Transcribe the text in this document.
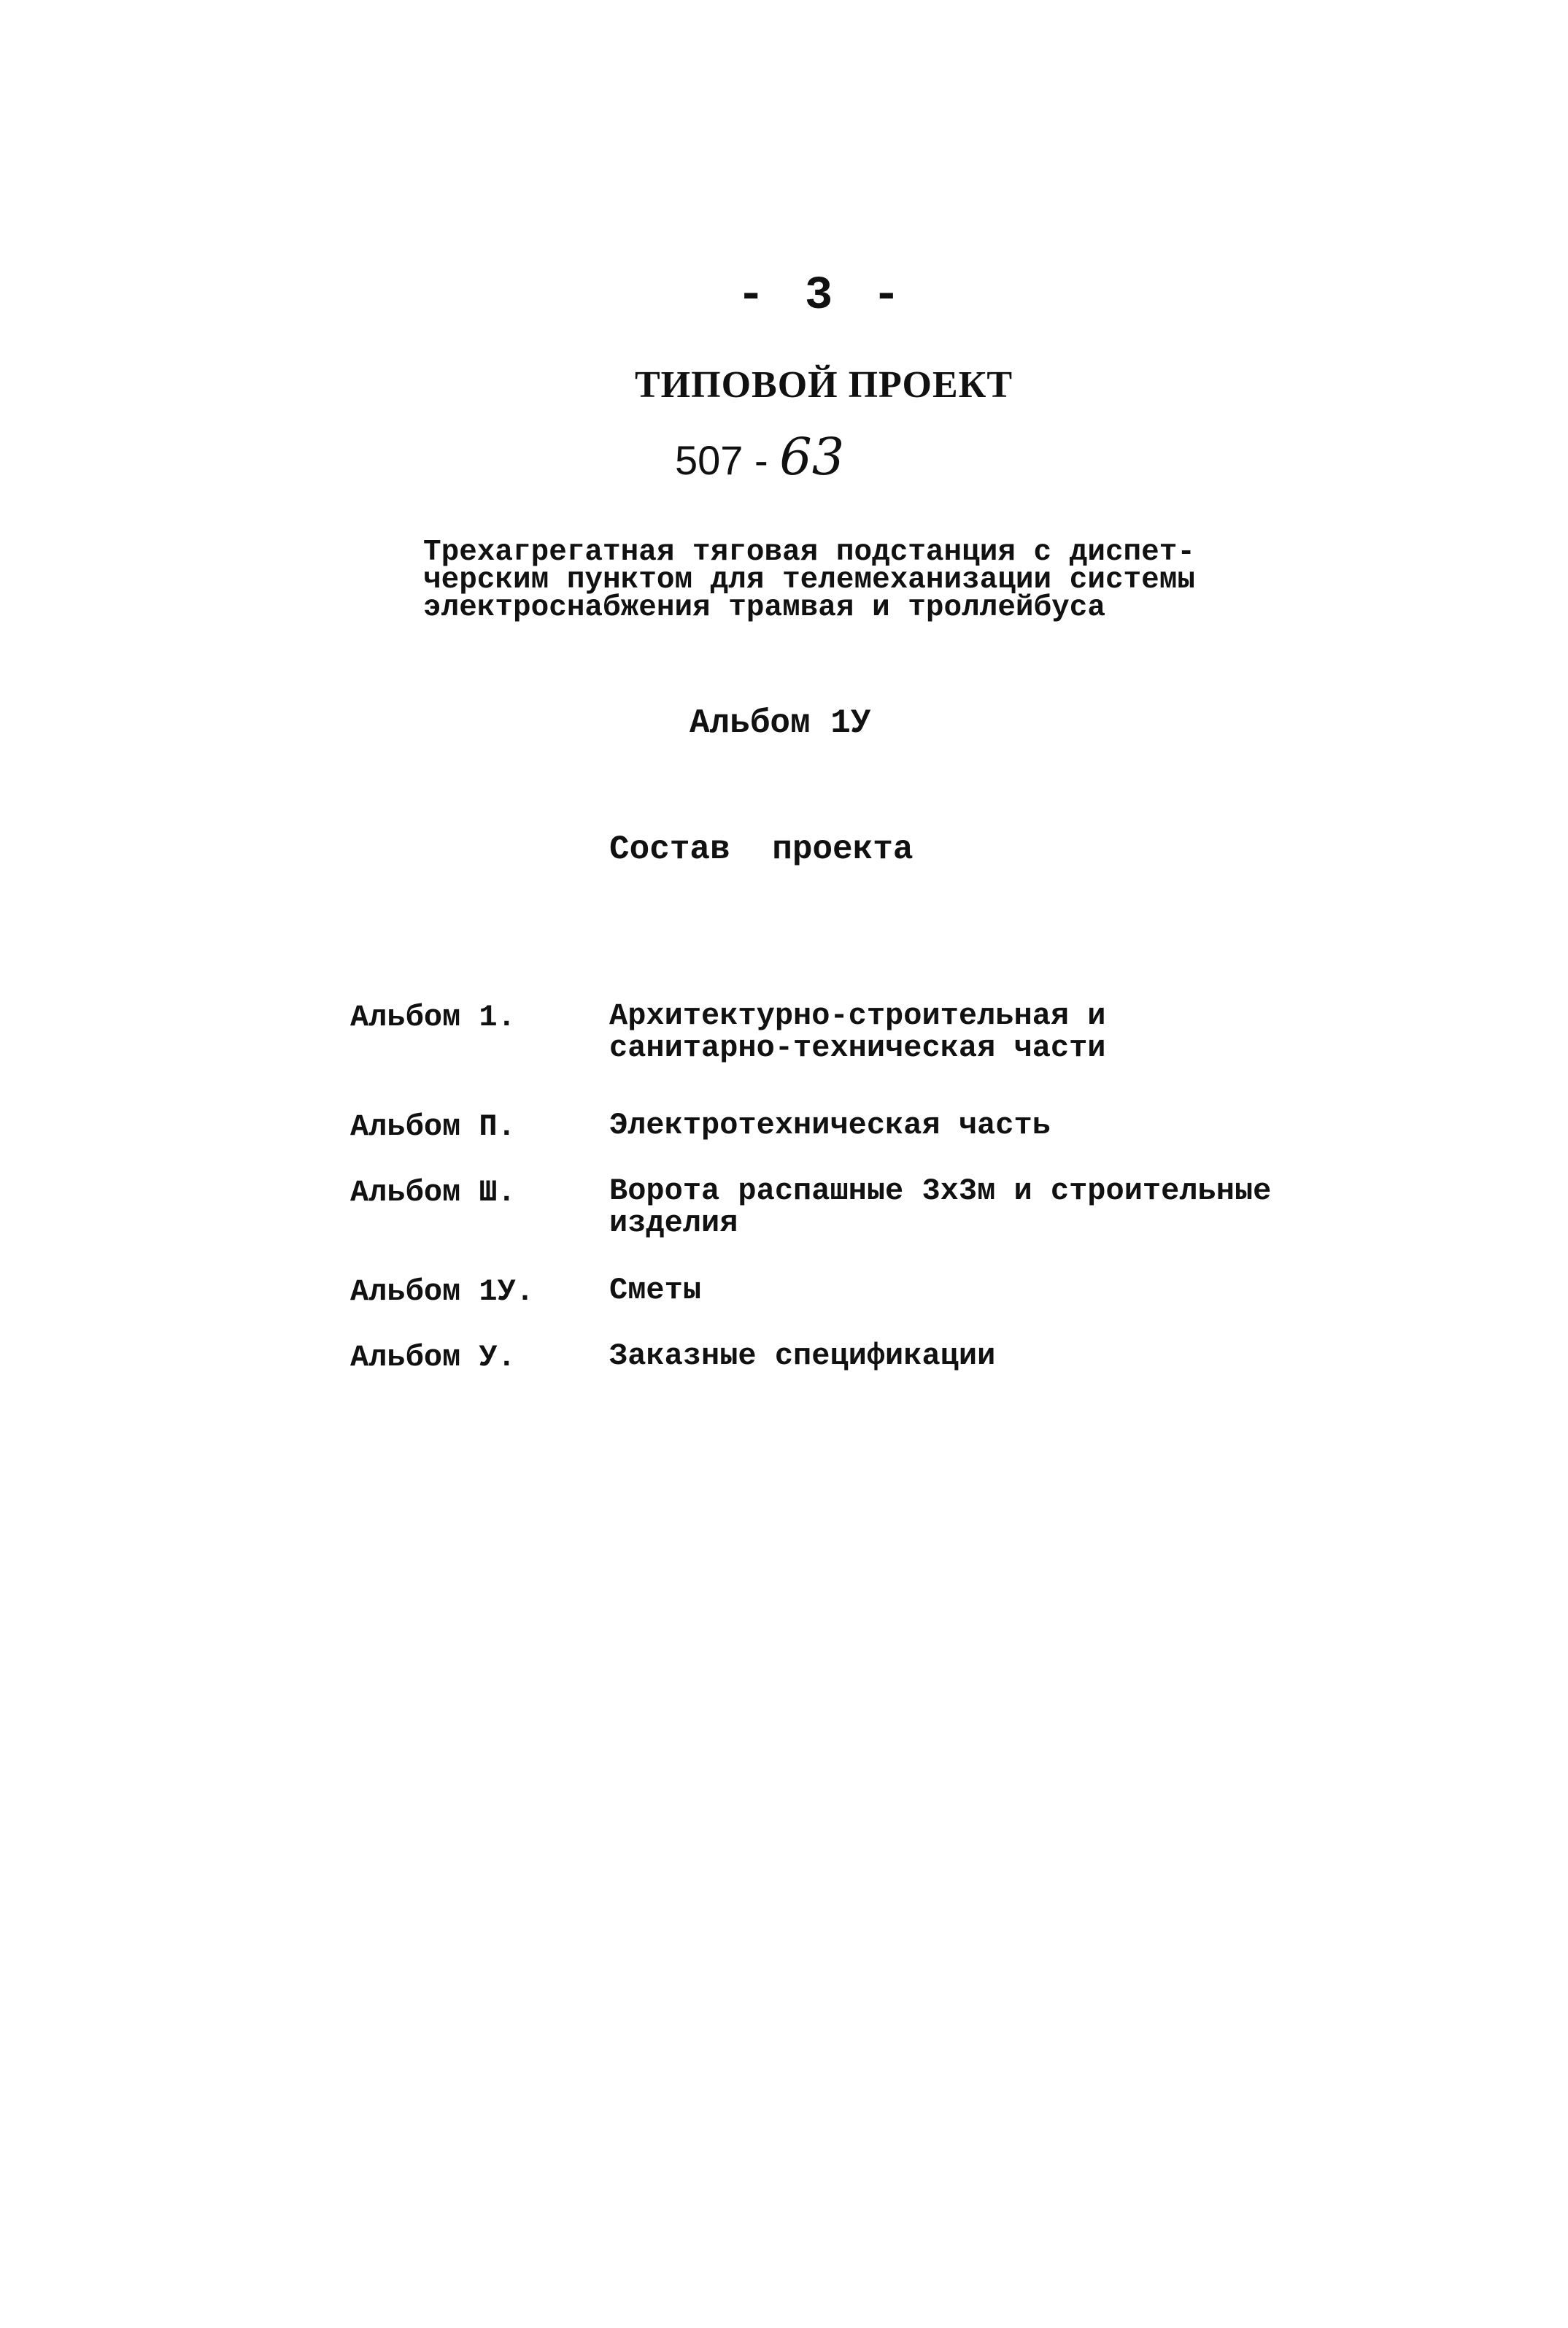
- 3 -
ТИПОВОЙ ПРОЕКТ
507 - 63
Трехагрегатная тяговая подстанция с диспет-
черским пунктом для телемеханизации системы
электроснабжения трамвая и троллейбуса
Альбом 1У
Состав проекта
Альбом 1.	Архитектурно-строительная и
санитарно-техническая части
Альбом П.	Электротехническая часть
Альбом Ш.	Ворота распашные 3х3м и строительные
изделия
Альбом 1У. Сметы
Альбом У.	Заказные спецификации
